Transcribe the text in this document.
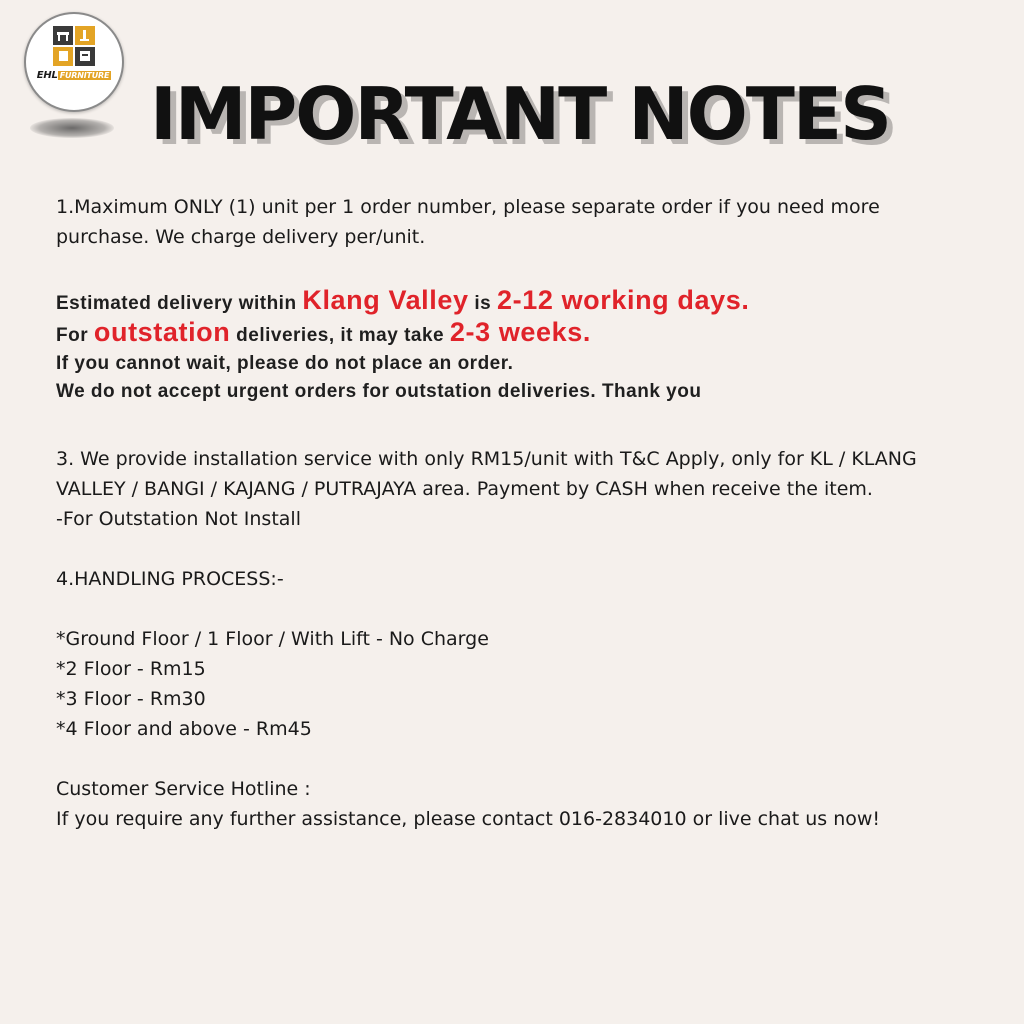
EHL FURNITURE IMPORTANT NOTES

1.Maximum ONLY (1) unit per 1 order number, please separate order if you need more

purchase. We charge delivery per/unit.

Estimated delivery within Klang Valley is 2-12 working days.

For outstation deliveries, it may take 2-3 weeks.

If you cannot wait, please do not place an order.

We do not accept urgent orders for outstation deliveries. Thank you

3. We provide installation service with only RM15/unit with T&C Apply, only for KL / KLANG

VALLEY / BANGI / KAJANG / PUTRAJAYA area. Payment by CASH when receive the item.

-For Outstation Not Install

4.HANDLING PROCESS:-

*Ground Floor / 1 Floor / With Lift - No Charge

*2 Floor - Rm15

*3 Floor - Rm30

*4 Floor and above - Rm45

Customer Service Hotline :

If you require any further assistance, please contact 016-2834010 or live chat us now!
